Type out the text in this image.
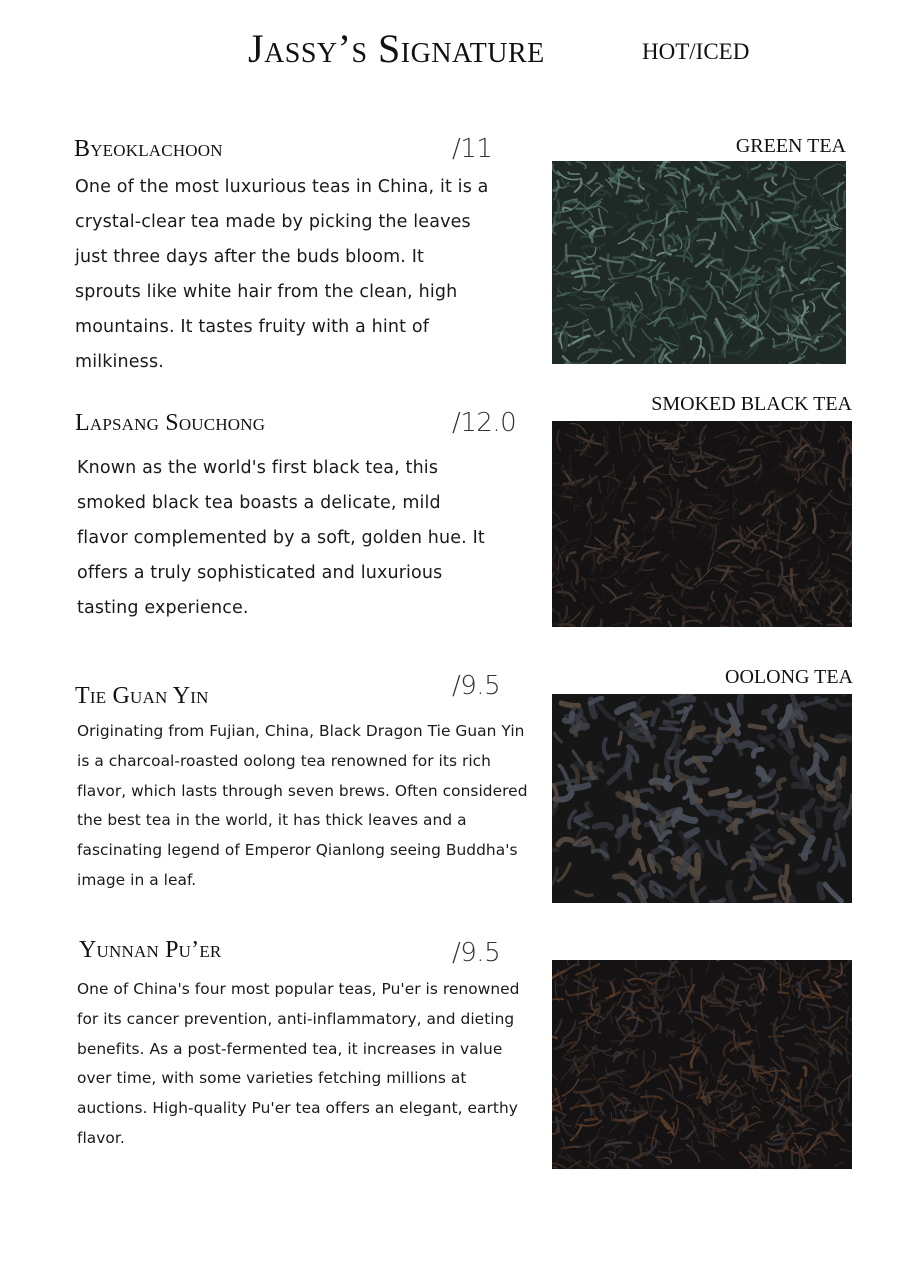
Jassy’s Signature	HOT/ICED
Byeoklachoon	/11	GREEN TEA

One of the most luxurious teas in China, it is a crystal-clear tea made by picking the leaves just three days after the buds bloom. It sprouts like white hair from the clean, high mountains. It tastes fruity with a hint of milkiness.

Lapsang Souchong	/12.0
SMOKED BLACK TEA

Known as the world's first black tea, this smoked black tea boasts a delicate, mild flavor complemented by a soft, golden hue. It offers a truly sophisticated and luxurious tasting experience.

Tie Guan Yin	/9.5	OOLONG TEA

Originating from Fujian, China, Black Dragon Tie Guan Yin is a charcoal-roasted oolong tea renowned for its rich flavor, which lasts through seven brews. Often considered the best tea in the world, it has thick leaves and a fascinating legend of Emperor Qianlong seeing Buddha's image in a leaf.

Yunnan Pu’er	/9.5

One of China's four most popular teas, Pu'er is renowned for its cancer prevention, anti-inflammatory, and dieting benefits. As a post-fermented tea, it increases in value over time, with some varieties fetching millions at auctions. High-quality Pu'er tea offers an elegant, earthy flavor.
